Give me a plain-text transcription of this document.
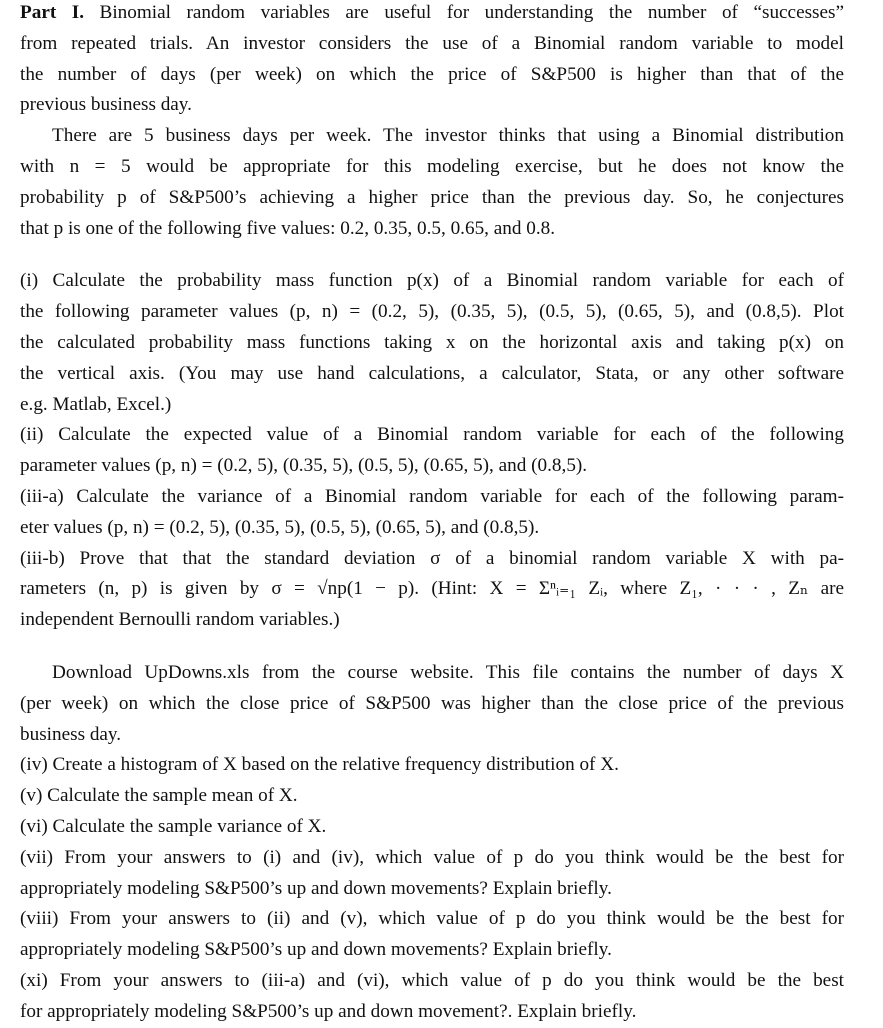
Part I. Binomial random variables are useful for understanding the number of “successes”
from repeated trials. An investor considers the use of a Binomial random variable to model
the number of days (per week) on which the price of S&P500 is higher than that of the
previous business day.
There are 5 business days per week. The investor thinks that using a Binomial distribution
with n = 5 would be appropriate for this modeling exercise, but he does not know the
probability p of S&P500’s achieving a higher price than the previous day. So, he conjectures
that p is one of the following five values: 0.2, 0.35, 0.5, 0.65, and 0.8.
(i) Calculate the probability mass function p(x) of a Binomial random variable for each of
the following parameter values (p, n) = (0.2, 5), (0.35, 5), (0.5, 5), (0.65, 5), and (0.8,5). Plot
the calculated probability mass functions taking x on the horizontal axis and taking p(x) on
the vertical axis. (You may use hand calculations, a calculator, Stata, or any other software
e.g. Matlab, Excel.)
(ii) Calculate the expected value of a Binomial random variable for each of the following
parameter values (p, n) = (0.2, 5), (0.35, 5), (0.5, 5), (0.65, 5), and (0.8,5).
(iii-a) Calculate the variance of a Binomial random variable for each of the following param-
eter values (p, n) = (0.2, 5), (0.35, 5), (0.5, 5), (0.65, 5), and (0.8,5).
(iii-b) Prove that that the standard deviation σ of a binomial random variable X with pa-
rameters (n, p) is given by σ = √np(1 − p). (Hint: X = Σⁿᵢ₌₁ Zᵢ, where Z₁, · · · , Zₙ are
independent Bernoulli random variables.)
Download UpDowns.xls from the course website. This file contains the number of days X
(per week) on which the close price of S&P500 was higher than the close price of the previous
business day.
(iv) Create a histogram of X based on the relative frequency distribution of X.
(v) Calculate the sample mean of X.
(vi) Calculate the sample variance of X.
(vii) From your answers to (i) and (iv), which value of p do you think would be the best for
appropriately modeling S&P500’s up and down movements? Explain briefly.
(viii) From your answers to (ii) and (v), which value of p do you think would be the best for
appropriately modeling S&P500’s up and down movements? Explain briefly.
(xi) From your answers to (iii-a) and (vi), which value of p do you think would be the best
for appropriately modeling S&P500’s up and down movement?. Explain briefly.
